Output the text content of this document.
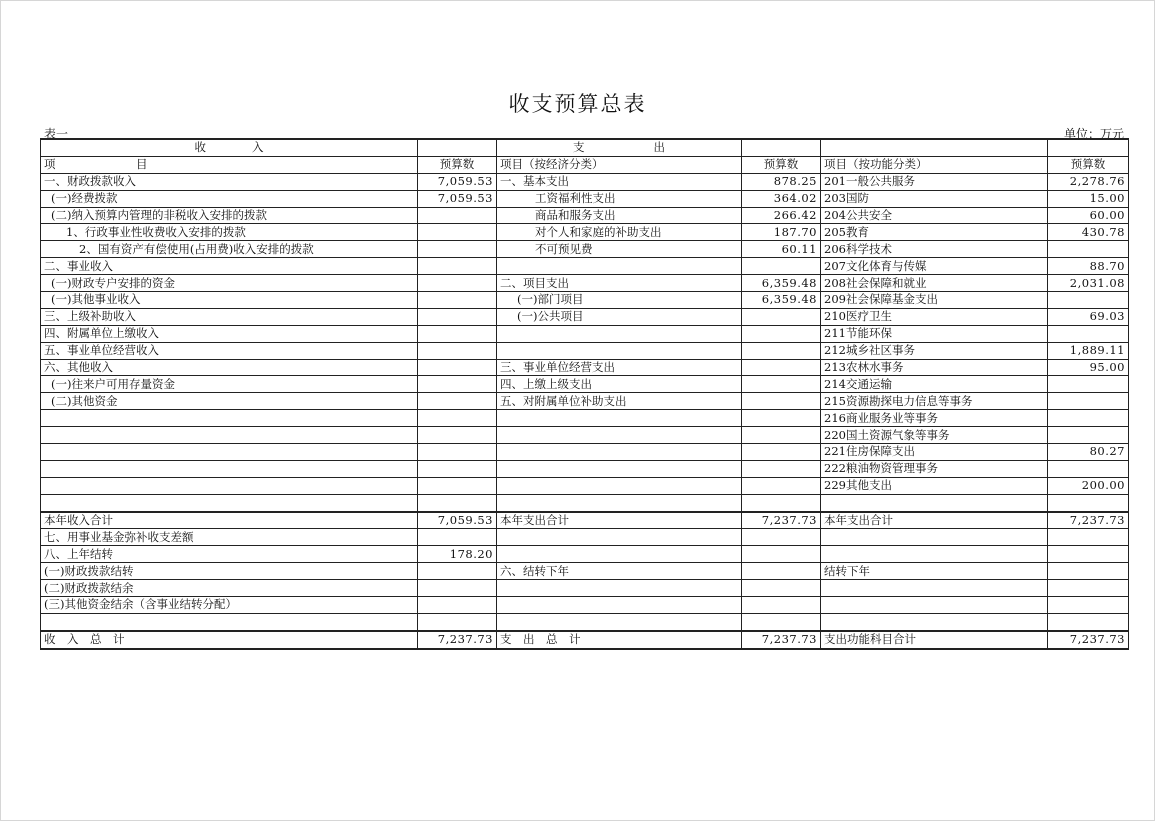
收支预算总表
表一	单位：万元
收　　　　入		支　　　　　　出			
项　　　　　　　目	预算数	项目（按经济分类）	预算数	项目（按功能分类）	预算数
一、财政拨款收入	7,059.53	一、基本支出	878.25	201一般公共服务	2,278.76
(一)经费拨款	7,059.53	工资福利性支出	364.02	203国防	15.00
(二)纳入预算内管理的非税收入安排的拨款		商品和服务支出	266.42	204公共安全	60.00
1、行政事业性收费收入安排的拨款		对个人和家庭的补助支出	187.70	205教育	430.78
2、国有资产有偿使用(占用费)收入安排的拨款		不可预见费	60.11	206科学技术	
二、事业收入				207文化体育与传媒	88.70
(一)财政专户安排的资金		二、项目支出	6,359.48	208社会保障和就业	2,031.08
(一)其他事业收入		(一)部门项目	6,359.48	209社会保障基金支出	
三、上级补助收入		(一)公共项目		210医疗卫生	69.03
四、附属单位上缴收入				211节能环保	
五、事业单位经营收入				212城乡社区事务	1,889.11
六、其他收入		三、事业单位经营支出		213农林水事务	95.00
(一)往来户可用存量资金		四、上缴上级支出		214交通运输	
(二)其他资金		五、对附属单位补助支出		215资源勘探电力信息等事务	
				216商业服务业等事务	
				220国土资源气象等事务	
				221住房保障支出	80.27
				222粮油物资管理事务	
				229其他支出	200.00

本年收入合计	7,059.53	本年支出合计	7,237.73	本年支出合计	7,237.73
七、用事业基金弥补收支差额					
八、上年结转	178.20				
(一)财政拨款结转		六、结转下年		结转下年	
(二)财政拨款结余					
(三)其他资金结余（含事业结转分配）					

收　入　总　计	7,237.73	支　出　总　计	7,237.73	支出功能科目合计	7,237.73
